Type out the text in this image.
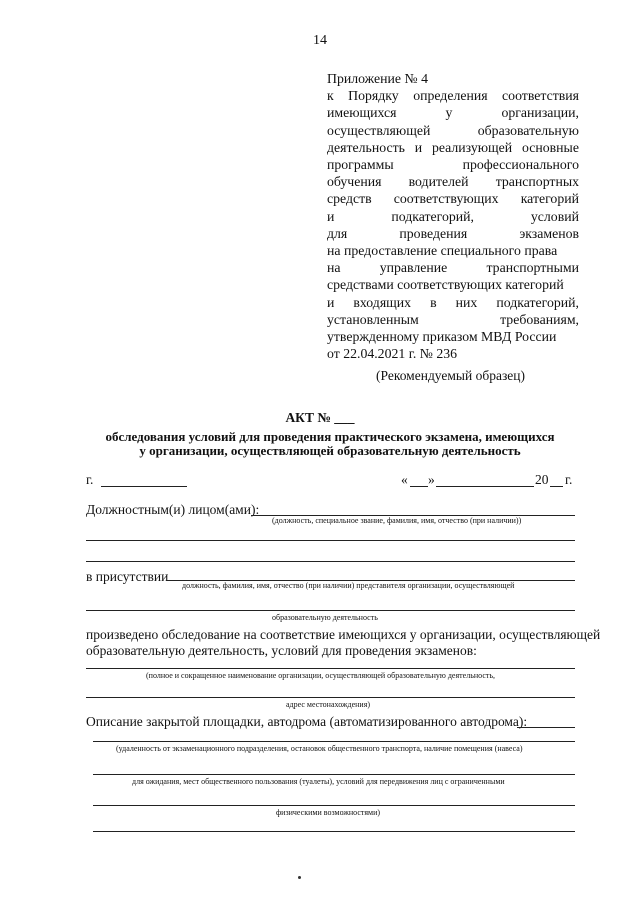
14
Приложение № 4
к Порядку определения соответствия
имеющихся	у	организации,
осуществляющей	образовательную
деятельность и реализующей основные
программы	профессионального
обучения водителей транспортных
средств соответствующих категорий
и	подкатегорий,	условий
для	проведения	экзаменов
на предоставление специального права
на	управление	транспортными
средствами соответствующих категорий
и входящих в них подкатегорий,
установленным	требованиям,
утвержденному приказом МВД России
от 22.04.2021 г. № 236
(Рекомендуемый образец)
АКТ № ___
обследования условий для проведения практического экзамена, имеющихся
у организации, осуществляющей образовательную деятельность
г.	« »	20 г.
Должностным(и) лицом(ами):
(должность, специальное звание, фамилия, имя, отчество (при наличии))
в присутствии
должность, фамилия, имя, отчество (при наличии) представителя организации, осуществляющей
образовательную деятельность
произведено обследование на соответствие имеющихся у организации, осуществляющей
образовательную деятельность, условий для проведения экзаменов:
(полное и сокращенное наименование организации, осуществляющей образовательную деятельность,
адрес местонахождения)
Описание закрытой площадки, автодрома (автоматизированного автодрома):
(удаленность от экзаменационного подразделения, остановок общественного транспорта, наличие помещения (навеса)
для ожидания, мест общественного пользования (туалеты), условий для передвижения лиц с ограниченными
физическими возможностями)
